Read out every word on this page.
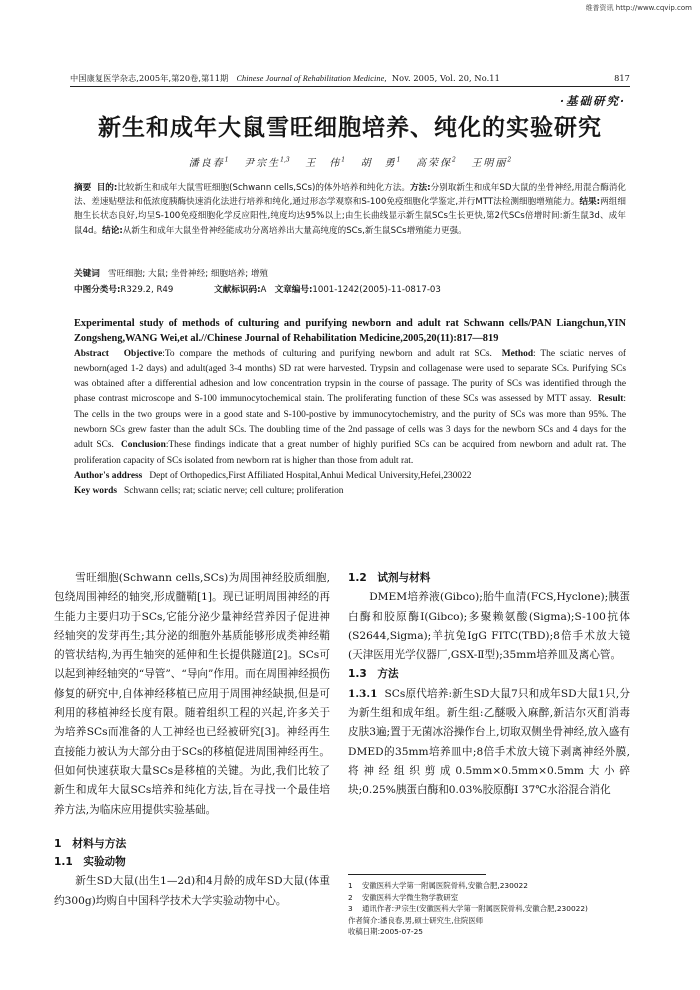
维普资讯 http://www.cqvip.com
中国康复医学杂志,2005年,第20卷,第11期 Chinese Journal of Rehabilitation Medicine, Nov. 2005, Vol. 20, No.11	817
·基础研究·
新生和成年大鼠雪旺细胞培养、纯化的实验研究
潘良春$^1$ 尹宗生$^{1,3}$ 王　伟$^1$ 胡　勇$^1$ 高荣保$^2$ 王明丽$^2$
摘要 目的:比较新生和成年大鼠雪旺细胞(Schwann cells,SCs)的体外培养和纯化方法。方法:分别取新生和成年SD大鼠的坐骨神经,用混合酶消化法、差速贴壁法和低浓度胰酶快速消化法进行培养和纯化,通过形态学观察和S-100免疫细胞化学鉴定,并行MTT法检测细胞增殖能力。结果:两组细胞生长状态良好,均呈S-100免疫细胞化学反应阳性,纯度均达95%以上;由生长曲线显示新生鼠SCs生长更快,第2代SCs倍增时间:新生鼠3d、成年鼠4d。结论:从新生和成年大鼠坐骨神经能成功分离培养出大量高纯度的SCs,新生鼠SCs增殖能力更强。
关键词 雪旺细胞; 大鼠; 坐骨神经; 细胞培养; 增殖
中图分类号:R329.2, R49	文献标识码:A 文章编号:1001-1242(2005)-11-0817-03
Experimental study of methods of culturing and purifying newborn and adult rat Schwann cells/PAN Liangchun,YIN Zongsheng,WANG Wei,et al.//Chinese Journal of Rehabilitation Medicine,2005,20(11):817—819
Abstract Objective:To compare the methods of culturing and purifying newborn and adult rat SCs. Method: The sciatic nerves of newborn(aged 1-2 days) and adult(aged 3-4 months) SD rat were harvested. Trypsin and collagenase were used to separate SCs. Purifying SCs was obtained after a differential adhesion and low concentration trypsin in the course of passage. The purity of SCs was identified through the phase contrast microscope and S-100 immunocytochemical stain. The proliferating function of these SCs was assessed by MTT assay. Result: The cells in the two groups were in a good state and S-100-postive by immunocytochemistry, and the purity of SCs was more than 95%. The newborn SCs grew faster than the adult SCs. The doubling time of the 2nd passage of cells was 3 days for the newborn SCs and 4 days for the adult SCs. Conclusion:These findings indicate that a great number of highly purified SCs can be acquired from newborn and adult rat. The proliferation capacity of SCs isolated from newborn rat is higher than those from adult rat.
Author's address Dept of Orthopedics,First Affiliated Hospital,Anhui Medical University,Hefei,230022
Key words Schwann cells; rat; sciatic nerve; cell culture; proliferation
雪旺细胞(Schwann cells,SCs)为周围神经胶质细胞,包绕周围神经的轴突,形成髓鞘[1]。现已证明周围神经的再生能力主要归功于SCs,它能分泌少量神经营养因子促进神经轴突的发芽再生;其分泌的细胞外基质能够形成类神经鞘的管状结构,为再生轴突的延伸和生长提供隧道[2]。SCs可以起到神经轴突的“导管”、“导向”作用。而在周围神经损伤修复的研究中,自体神经移植已应用于周围神经缺损,但是可利用的移植神经长度有限。随着组织工程的兴起,许多关于为培养SCs而准备的人工神经也已经被研究[3]。神经再生直接能力被认为大部分由于SCs的移植促进周围神经再生。但如何快速获取大量SCs是移植的关键。为此,我们比较了新生和成年大鼠SCs培养和纯化方法,旨在寻找一个最佳培养方法,为临床应用提供实验基础。
1　材料与方法
1.1　实验动物
新生SD大鼠(出生1—2d)和4月龄的成年SD大鼠(体重约300g)均购自中国科学技术大学实验动物中心。
1.2　试剂与材料
DMEM培养液(Gibco);胎牛血清(FCS,Hyclone);胰蛋白酶和胶原酶I(Gibco);多聚赖氨酸(Sigma);S-100抗体(S2644,Sigma);羊抗兔IgG FITC(TBD);8倍手术放大镜(天津医用光学仪器厂,GSX-Ⅱ型);35mm培养皿及离心管。
1.3　方法
1.3.1 SCs原代培养:新生SD大鼠7只和成年SD大鼠1只,分为新生组和成年组。新生组:乙醚吸入麻醉,新洁尔灭酊消毒皮肤3遍;置于无菌冰浴操作台上,切取双侧坐骨神经,放入盛有DMED的35mm培养皿中;8倍手术放大镜下剥离神经外膜,将神经组织剪成0.5mm×0.5mm×0.5mm大小碎块;0.25%胰蛋白酶和0.03%胶原酶Ⅰ 37℃水浴混合消化
1 安徽医科大学第一附属医院骨科,安徽合肥,230022
2 安徽医科大学微生物学教研室
3 通讯作者:尹宗生(安徽医科大学第一附属医院骨科,安徽合肥,230022)
作者简介:潘良春,男,硕士研究生,住院医师
收稿日期:2005-07-25
